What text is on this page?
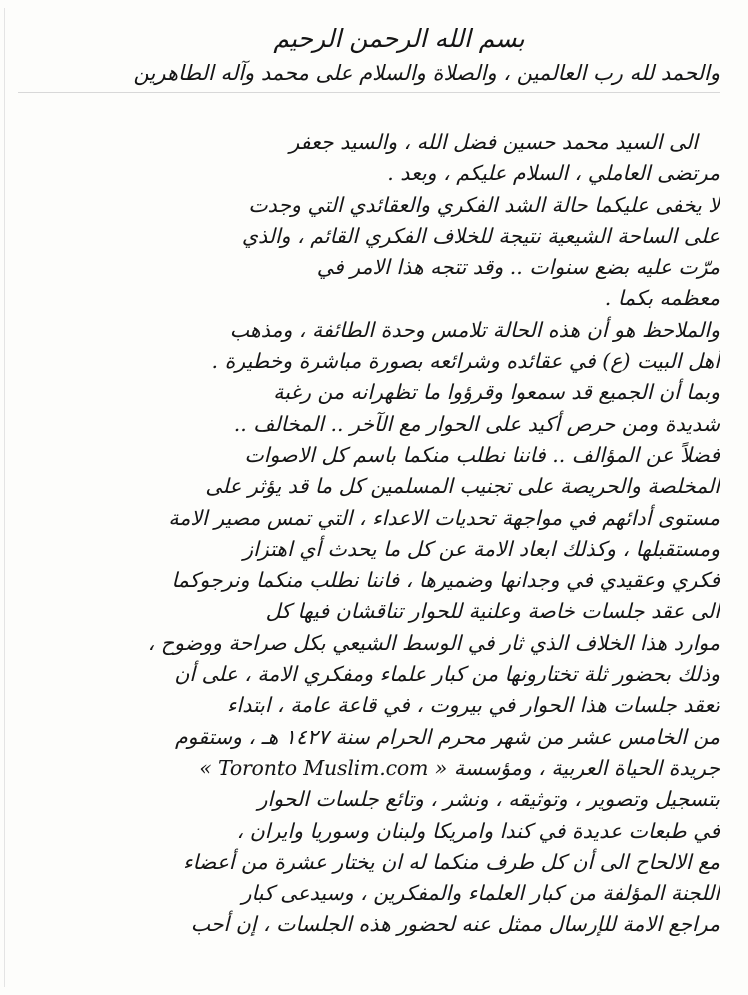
بسم الله الرحمن الرحيم
والحمد لله رب العالمين ، والصلاة والسلام على محمد وآله الطاهرين
الى السيد محمد حسين فضل الله ، والسيد جعفر
مرتضى العاملي ، السلام عليكم ، وبعد .
لا يخفى عليكما حالة الشد الفكري والعقائدي التي وجدت
على الساحة الشيعية نتيجة للخلاف الفكري القائم ، والذي
مرّت عليه بضع سنوات .. وقد تتجه هذا الامر في
معظمه بكما .
والملاحظ هو أن هذه الحالة تلامس وحدة الطائفة ، ومذهب
أهل البيت (ع) في عقائده وشرائعه بصورة مباشرة وخطيرة .
وبما أن الجميع قد سمعوا وقرؤوا ما تظهرانه من رغبة
شديدة ومن حرص أكيد على الحوار مع الآخر .. المخالف ..
فضلاً عن المؤالف .. فاننا نطلب منكما باسم كل الاصوات
المخلصة والحريصة على تجنيب المسلمين كل ما قد يؤثر على
مستوى أدائهم في مواجهة تحديات الاعداء ، التي تمس مصير الامة
ومستقبلها ، وكذلك ابعاد الامة عن كل ما يحدث أي اهتزاز
فكري وعقيدي في وجدانها وضميرها ، فاننا نطلب منكما ونرجوكما
الى عقد جلسات خاصة وعلنية للحوار تناقشان فيها كل
موارد هذا الخلاف الذي ثار في الوسط الشيعي بكل صراحة ووضوح ،
وذلك بحضور ثلة تختارونها من كبار علماء ومفكري الامة ، على أن
تعقد جلسات هذا الحوار في بيروت ، في قاعة عامة ، ابتداء
من الخامس عشر من شهر محرم الحرام سنة ١٤٢٧ هـ ، وستقوم
جريدة الحياة العربية ، ومؤسسة « Toronto Muslim.com »
بتسجيل وتصوير ، وتوثيقه ، ونشر ، وتائع جلسات الحوار
في طبعات عديدة في كندا وامريكا ولبنان وسوريا وايران ،
مع الالحاح الى أن كل طرف منكما له ان يختار عشرة من أعضاء
اللجنة المؤلفة من كبار العلماء والمفكرين ، وسيدعى كبار
مراجع الامة للإرسال ممثل عنه لحضور هذه الجلسات ، إن أحب
